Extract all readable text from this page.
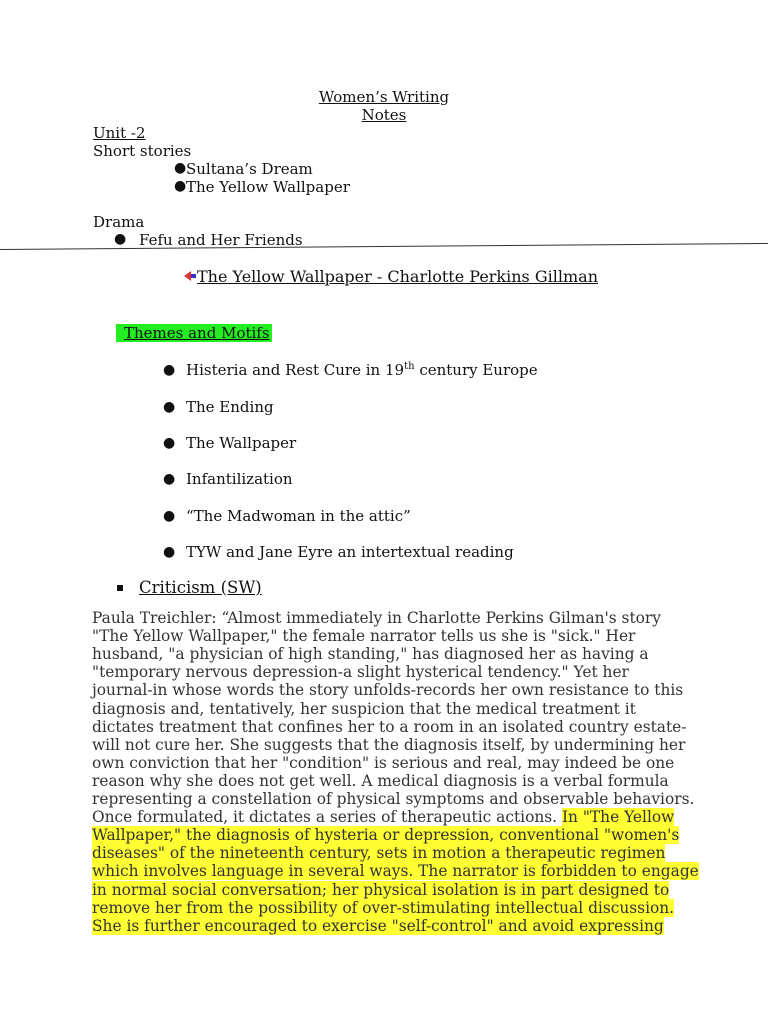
Women’s Writing
Notes
Unit -2
Short stories
● Sultana’s Dream
● The Yellow Wallpaper
Drama
● Fefu and Her Friends
The Yellow Wallpaper - Charlotte Perkins Gillman
Themes and Motifs
● Histeria and Rest Cure in 19th century Europe
● The Ending
● The Wallpaper
● Infantilization
● “The Madwoman in the attic”
● TYW and Jane Eyre an intertextual reading
Criticism (SW)
Paula Treichler: “Almost immediately in Charlotte Perkins Gilman's story
"The Yellow Wallpaper," the female narrator tells us she is "sick." Her
husband, "a physician of high standing," has diagnosed her as having a
"temporary nervous depression-a slight hysterical tendency." Yet her
journal-in whose words the story unfolds-records her own resistance to this
diagnosis and, tentatively, her suspicion that the medical treatment it
dictates treatment that confines her to a room in an isolated country estate-
will not cure her. She suggests that the diagnosis itself, by undermining her
own conviction that her "condition" is serious and real, may indeed be one
reason why she does not get well. A medical diagnosis is a verbal formula
representing a constellation of physical symptoms and observable behaviors.
Once formulated, it dictates a series of therapeutic actions. In "The Yellow
Wallpaper," the diagnosis of hysteria or depression, conventional "women's
diseases" of the nineteenth century, sets in motion a therapeutic regimen
which involves language in several ways. The narrator is forbidden to engage
in normal social conversation; her physical isolation is in part designed to
remove her from the possibility of over-stimulating intellectual discussion.
She is further encouraged to exercise "self-control" and avoid expressing
